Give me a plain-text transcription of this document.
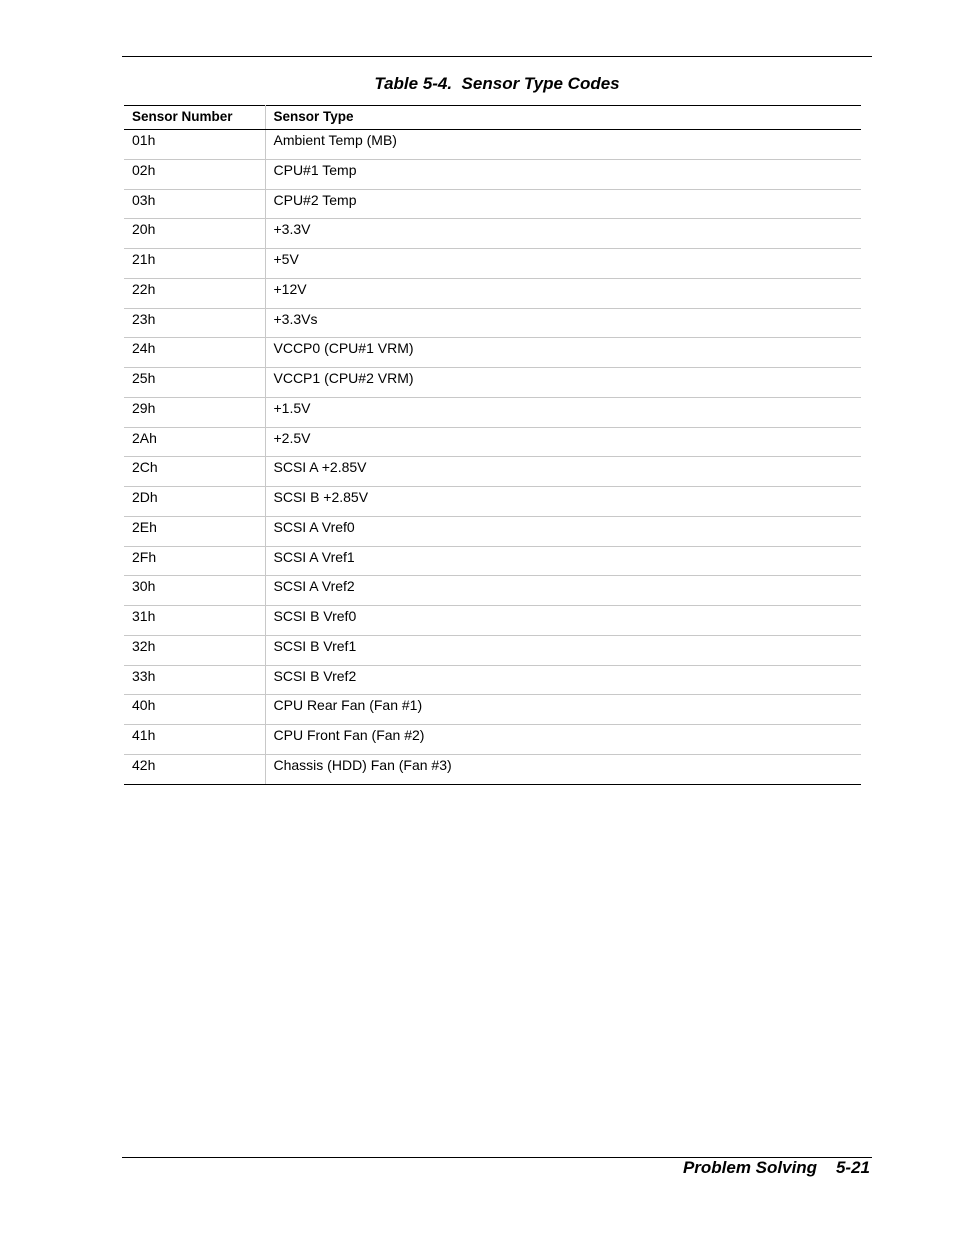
Table 5-4.  Sensor Type Codes
Sensor Number	Sensor Type
01h	Ambient Temp (MB)
02h	CPU#1 Temp
03h	CPU#2 Temp
20h	+3.3V
21h	+5V
22h	+12V
23h	+3.3Vs
24h	VCCP0 (CPU#1 VRM)
25h	VCCP1 (CPU#2 VRM)
29h	+1.5V
2Ah	+2.5V
2Ch	SCSI A +2.85V
2Dh	SCSI B +2.85V
2Eh	SCSI A Vref0
2Fh	SCSI A Vref1
30h	SCSI A Vref2
31h	SCSI B Vref0
32h	SCSI B Vref1
33h	SCSI B Vref2
40h	CPU Rear Fan (Fan #1)
41h	CPU Front Fan (Fan #2)
42h	Chassis (HDD) Fan (Fan #3)
Problem Solving    5-21
